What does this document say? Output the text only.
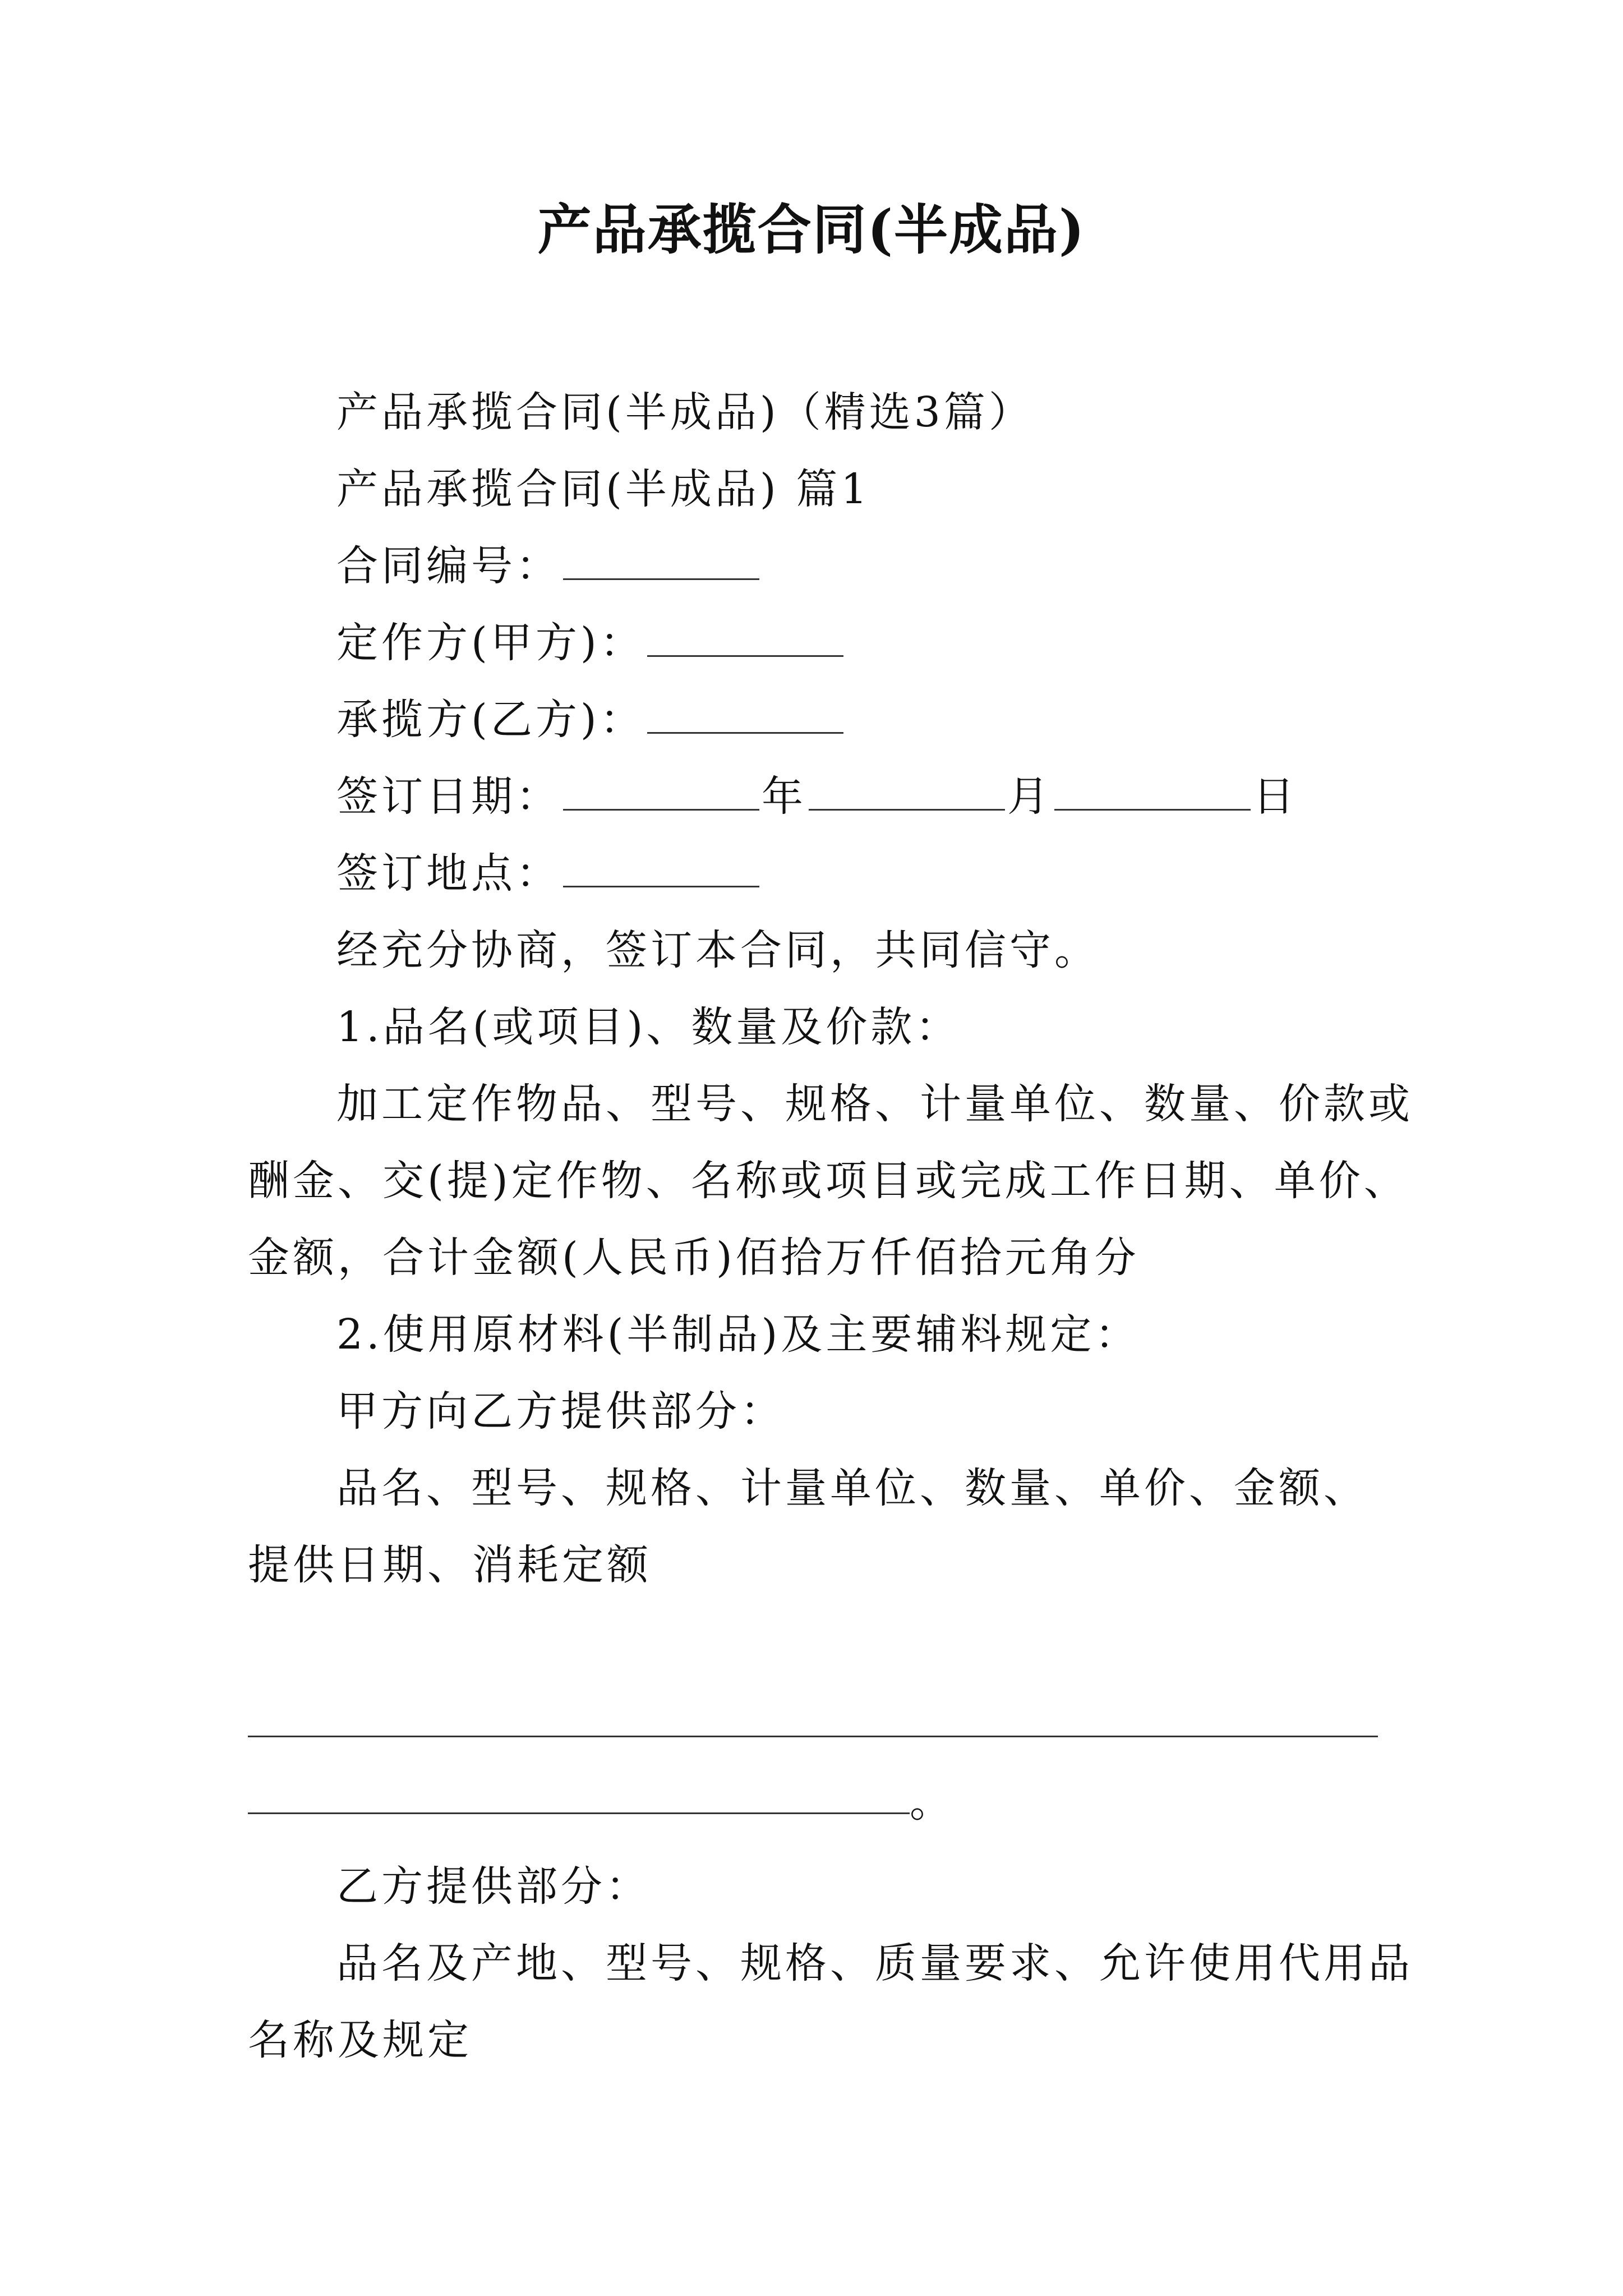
产品承揽合同(半成品)
产品承揽合同(半成品)（精选3篇）
产品承揽合同(半成品) 篇1
合同编号：
定作方(甲方)：
承揽方(乙方)：
签订日期：	年	月	日
签订地点：
经充分协商，签订本合同，共同信守。
1.品名(或项目)、数量及价款：
加工定作物品、型号、规格、计量单位、数量、价款或
酬金、交(提)定作物、名称或项目或完成工作日期、单价、
金额，合计金额(人民币)佰拾万仟佰拾元角分
2.使用原材料(半制品)及主要辅料规定：
甲方向乙方提供部分：
品名、型号、规格、计量单位、数量、单价、金额、
提供日期、消耗定额
。
乙方提供部分：
品名及产地、型号、规格、质量要求、允许使用代用品
名称及规定
